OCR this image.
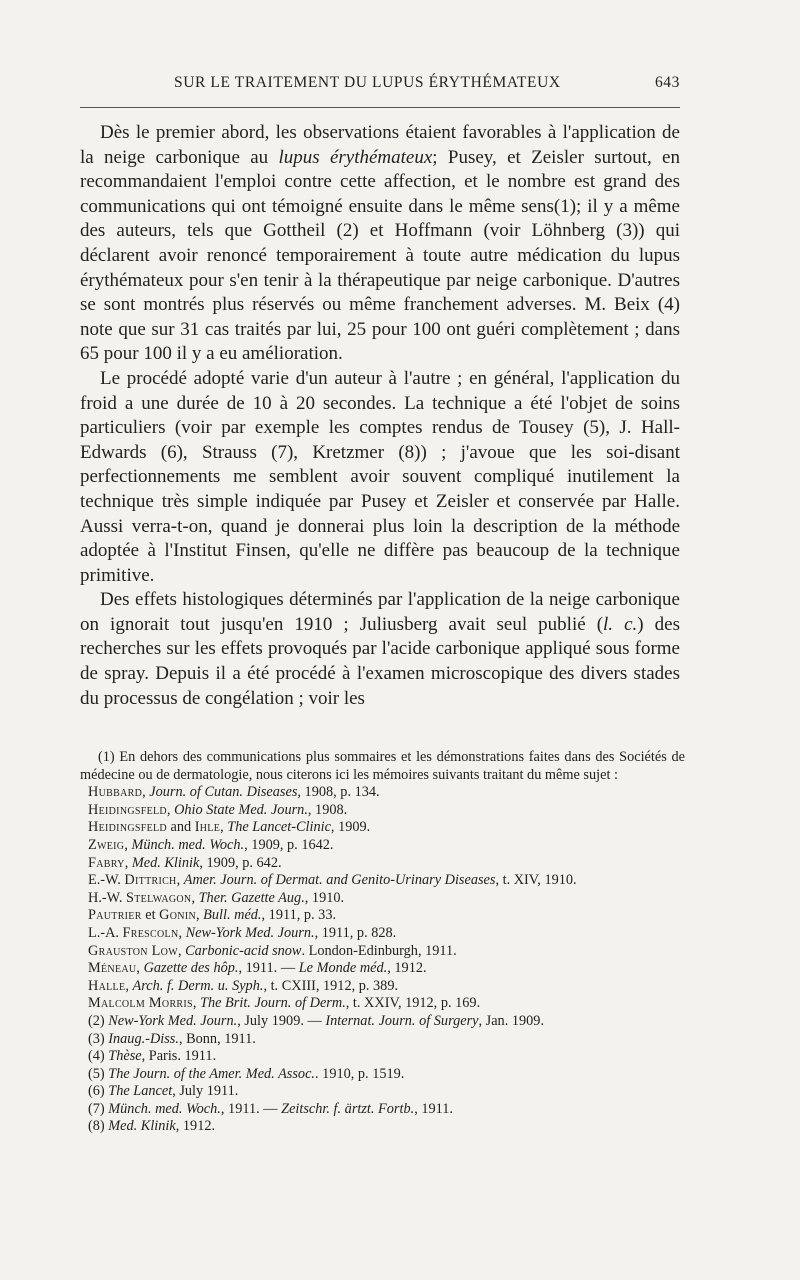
SUR LE TRAITEMENT DU LUPUS ÉRYTHÉMATEUX	643

Dès le premier abord, les observations étaient favorables à l'application de la neige carbonique au lupus érythémateux; Pusey, et Zeisler surtout, en recommandaient l'emploi contre cette affection, et le nombre est grand des communications qui ont témoigné ensuite dans le même sens(1); il y a même des auteurs, tels que Gottheil (2) et Hoffmann (voir Löhnberg (3)) qui déclarent avoir renoncé temporairement à toute autre médication du lupus érythémateux pour s'en tenir à la thérapeutique par neige carbonique. D'autres se sont montrés plus réservés ou même franchement adverses. M. Beix (4) note que sur 31 cas traités par lui, 25 pour 100 ont guéri complètement ; dans 65 pour 100 il y a eu amélioration.

Le procédé adopté varie d'un auteur à l'autre ; en général, l'application du froid a une durée de 10 à 20 secondes. La technique a été l'objet de soins particuliers (voir par exemple les comptes rendus de Tousey (5), J. Hall-Edwards (6), Strauss (7), Kretzmer (8)) ; j'avoue que les soi-disant perfectionnements me semblent avoir souvent compliqué inutilement la technique très simple indiquée par Pusey et Zeisler et conservée par Halle. Aussi verra-t-on, quand je donnerai plus loin la description de la méthode adoptée à l'Institut Finsen, qu'elle ne diffère pas beaucoup de la technique primitive.

Des effets histologiques déterminés par l'application de la neige carbonique on ignorait tout jusqu'en 1910 ; Juliusberg avait seul publié (l. c.) des recherches sur les effets provoqués par l'acide carbonique appliqué sous forme de spray. Depuis il a été procédé à l'examen microscopique des divers stades du processus de congélation ; voir les

(1) En dehors des communications plus sommaires et les démonstrations faites dans des Sociétés de médecine ou de dermatologie, nous citerons ici les mémoires suivants traitant du même sujet :

Hubbard, Journ. of Cutan. Diseases, 1908, p. 134.

Heidingsfeld, Ohio State Med. Journ., 1908.

Heidingsfeld and Ihle, The Lancet-Clinic, 1909.

Zweig, Münch. med. Woch., 1909, p. 1642.

Fabry, Med. Klinik, 1909, p. 642.

E.-W. Dittrich, Amer. Journ. of Dermat. and Genito-Urinary Diseases, t. XIV, 1910.

H.-W. Stelwagon, Ther. Gazette Aug., 1910.

Pautrier et Gonin, Bull. méd., 1911, p. 33.

L.-A. Frescoln, New-York Med. Journ., 1911, p. 828.

Grauston Low, Carbonic-acid snow. London-Edinburgh, 1911.

Méneau, Gazette des hôp., 1911. — Le Monde méd., 1912.

Halle, Arch. f. Derm. u. Syph., t. CXIII, 1912, p. 389.

Malcolm Morris, The Brit. Journ. of Derm., t. XXIV, 1912, p. 169.

(2) New-York Med. Journ., July 1909. — Internat. Journ. of Surgery, Jan. 1909.

(3) Inaug.-Diss., Bonn, 1911.

(4) Thèse, Paris. 1911.

(5) The Journ. of the Amer. Med. Assoc.. 1910, p. 1519.

(6) The Lancet, July 1911.

(7) Münch. med. Woch., 1911. — Zeitschr. f. ärtzt. Fortb., 1911.

(8) Med. Klinik, 1912.
